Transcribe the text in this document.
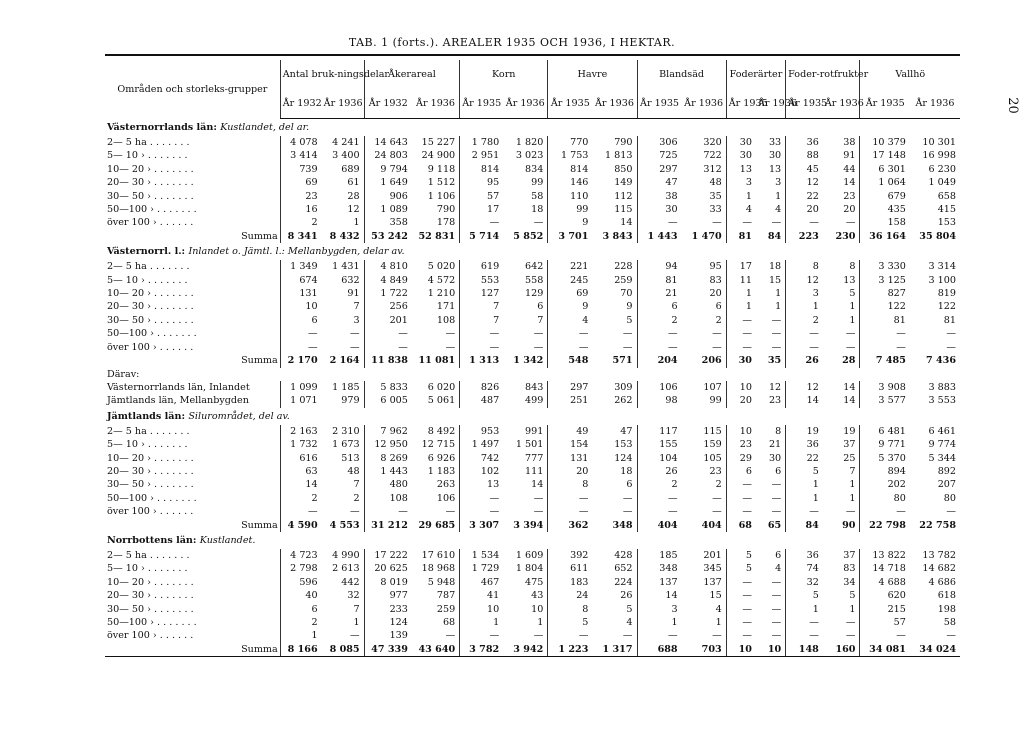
TAB. 1 (forts.). AREALER 1935 OCH 1936, I HEKTAR.
20
Områden och storleks-grupper	Antal bruk-ningsdelar		Åkerareal		Korn		Havre		Blandsäd		Foderärter		Foder-rotfrukter		Vallhö	
	År 1932	År 1936	År 1932	År 1936	År 1935	År 1936	År 1935	År 1936	År 1935	År 1936	År 1935	År 1936	År 1935	År 1936	År 1935	År 1936
Västernorrlands län: Kustlandet, del ar.																
2— 5 ha . . . . . . .	4 078	4 241	14 643	15 227	1 780	1 820	770	790	306	320	30	33	36	38	10 379	10 301
5— 10 › . . . . . . .	3 414	3 400	24 803	24 900	2 951	3 023	1 753	1 813	725	722	30	30	88	91	17 148	16 998
10— 20 › . . . . . . .	739	689	9 794	9 118	814	834	814	850	297	312	13	13	45	44	6 301	6 230
20— 30 › . . . . . . .	69	61	1 649	1 512	95	99	146	149	47	48	3	3	12	14	1 064	1 049
30— 50 › . . . . . . .	23	28	906	1 106	57	58	110	112	38	35	1	1	22	23	679	658
50—100 › . . . . . . .	16	12	1 089	790	17	18	99	115	30	33	4	4	20	20	435	415
över 100 › . . . . . .	2	1	358	178	—	—	9	14	—	—	—	—	—	—	158	153
Summa	8 341	8 432	53 242	52 831	5 714	5 852	3 701	3 843	1 443	1 470	81	84	223	230	36 164	35 804
Västernorrl. l.: Inlandet o. Jämtl. l.: Mellanbygden, delar av.																
2— 5 ha . . . . . . .	1 349	1 431	4 810	5 020	619	642	221	228	94	95	17	18	8	8	3 330	3 314
5— 10 › . . . . . . .	674	632	4 849	4 572	553	558	245	259	81	83	11	15	12	13	3 125	3 100
10— 20 › . . . . . . .	131	91	1 722	1 210	127	129	69	70	21	20	1	1	3	5	827	819
20— 30 › . . . . . . .	10	7	256	171	7	6	9	9	6	6	1	1	1	1	122	122
30— 50 › . . . . . . .	6	3	201	108	7	7	4	5	2	2	—	—	2	1	81	81
50—100 › . . . . . . .	—	—	—	—	—	—	—	—	—	—	—	—	—	—	—	—
över 100 › . . . . . .	—	—	—	—	—	—	—	—	—	—	—	—	—	—	—	—
Summa	2 170	2 164	11 838	11 081	1 313	1 342	548	571	204	206	30	35	26	28	7 485	7 436
Därav:																
Västernorrlands län, Inlandet	1 099	1 185	5 833	6 020	826	843	297	309	106	107	10	12	12	14	3 908	3 883
Jämtlands län, Mellanbygden	1 071	979	6 005	5 061	487	499	251	262	98	99	20	23	14	14	3 577	3 553
Jämtlands län: Silurområdet, del av.																
2— 5 ha . . . . . . .	2 163	2 310	7 962	8 492	953	991	49	47	117	115	10	8	19	19	6 481	6 461
5— 10 › . . . . . . .	1 732	1 673	12 950	12 715	1 497	1 501	154	153	155	159	23	21	36	37	9 771	9 774
10— 20 › . . . . . . .	616	513	8 269	6 926	742	777	131	124	104	105	29	30	22	25	5 370	5 344
20— 30 › . . . . . . .	63	48	1 443	1 183	102	111	20	18	26	23	6	6	5	7	894	892
30— 50 › . . . . . . .	14	7	480	263	13	14	8	6	2	2	—	—	1	1	202	207
50—100 › . . . . . . .	2	2	108	106	—	—	—	—	—	—	—	—	1	1	80	80
över 100 › . . . . . .	—	—	—	—	—	—	—	—	—	—	—	—	—	—	—	—
Summa	4 590	4 553	31 212	29 685	3 307	3 394	362	348	404	404	68	65	84	90	22 798	22 758
Norrbottens län: Kustlandet.																
2— 5 ha . . . . . . .	4 723	4 990	17 222	17 610	1 534	1 609	392	428	185	201	5	6	36	37	13 822	13 782
5— 10 › . . . . . . .	2 798	2 613	20 625	18 968	1 729	1 804	611	652	348	345	5	4	74	83	14 718	14 682
10— 20 › . . . . . . .	596	442	8 019	5 948	467	475	183	224	137	137	—	—	32	34	4 688	4 686
20— 30 › . . . . . . .	40	32	977	787	41	43	24	26	14	15	—	—	5	5	620	618
30— 50 › . . . . . . .	6	7	233	259	10	10	8	5	3	4	—	—	1	1	215	198
50—100 › . . . . . . .	2	1	124	68	1	1	5	4	1	1	—	—	—	—	57	58
över 100 › . . . . . .	1	—	139	—	—	—	—	—	—	—	—	—	—	—	—	—
Summa	8 166	8 085	47 339	43 640	3 782	3 942	1 223	1 317	688	703	10	10	148	160	34 081	34 024
